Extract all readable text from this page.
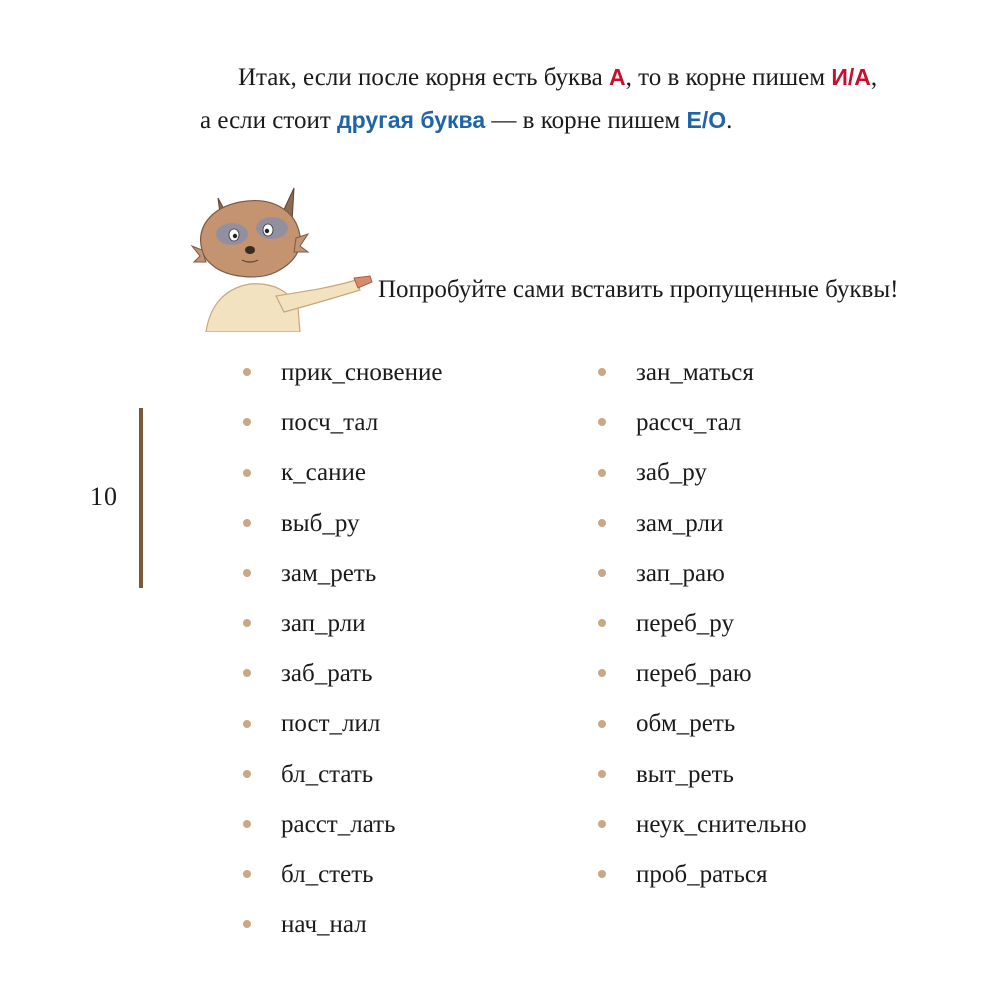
Итак, если после корня есть буква А, то в корне пишем И/А,
а если стоит другая буква — в корне пишем Е/О.

Попробуйте сами вставить пропущенные буквы!
10
прик_сновение
посч_тал
к_сание
выб_ру
зам_реть
зап_рли
заб_рать
пост_лил
бл_стать
расст_лать
бл_стеть
нач_нал
зан_маться
рассч_тал
заб_ру
зам_рли
зап_раю
переб_ру
переб_раю
обм_реть
выт_реть
неук_снительно
проб_раться
